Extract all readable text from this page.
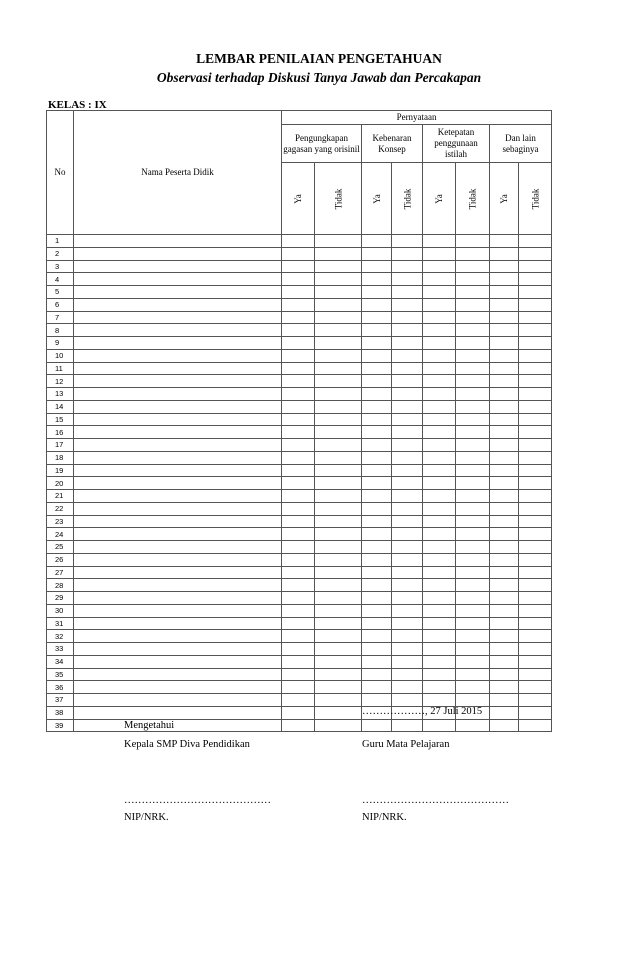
LEMBAR PENILAIAN PENGETAHUAN
Observasi terhadap Diskusi Tanya Jawab dan Percakapan
KELAS : IX
No	Nama Peserta Didik	Pernyataan							
		Pengungkapan gagasan yang orisinil		Kebenaran Konsep		Ketepatan penggunaan istilah		Dan lain sebaginya	
		Ya	Tidak	Ya	Tidak	Ya	Tidak	Ya	Tidak
1									
2									
3									
4									
5									
6									
7									
8									
9									
10									
11									
12									
13									
14									
15									
16									
17									
18									
19									
20									
21									
22									
23									
24									
25									
26									
27									
28									
29									
30									
31									
32									
33									
34									
35									
36									
37									
38									
39									
………………, 27 Juli 2015
Mengetahui
Kepala SMP Diva Pendidikan	Guru Mata Pelajaran
……………………………………	……………………………………
NIP/NRK.	NIP/NRK.
